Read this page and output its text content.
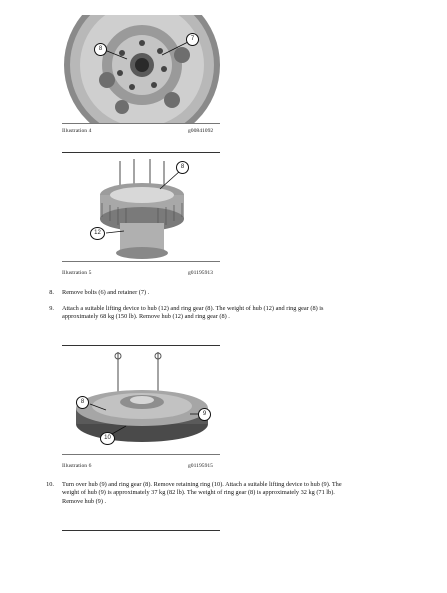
7
8
Illustration 4	g00841092
8
12
Illustration 5	g01195913
8. Remove bolts (6) and retainer (7) .
9. Attach a suitable lifting device to hub (12) and ring gear (8). The weight of hub (12) and ring gear (8) is
approximately 68 kg (150 lb). Remove hub (12) and ring gear (8) .
8
9
10
Illustration 6	g01195915
10. Turn over hub (9) and ring gear (8). Remove retaining ring (10). Attach a suitable lifting device to hub (9). The
weight of hub (9) is approximately 37 kg (82 lb). The weight of ring gear (8) is approximately 32 kg (71 lb).
Remove hub (9) .
